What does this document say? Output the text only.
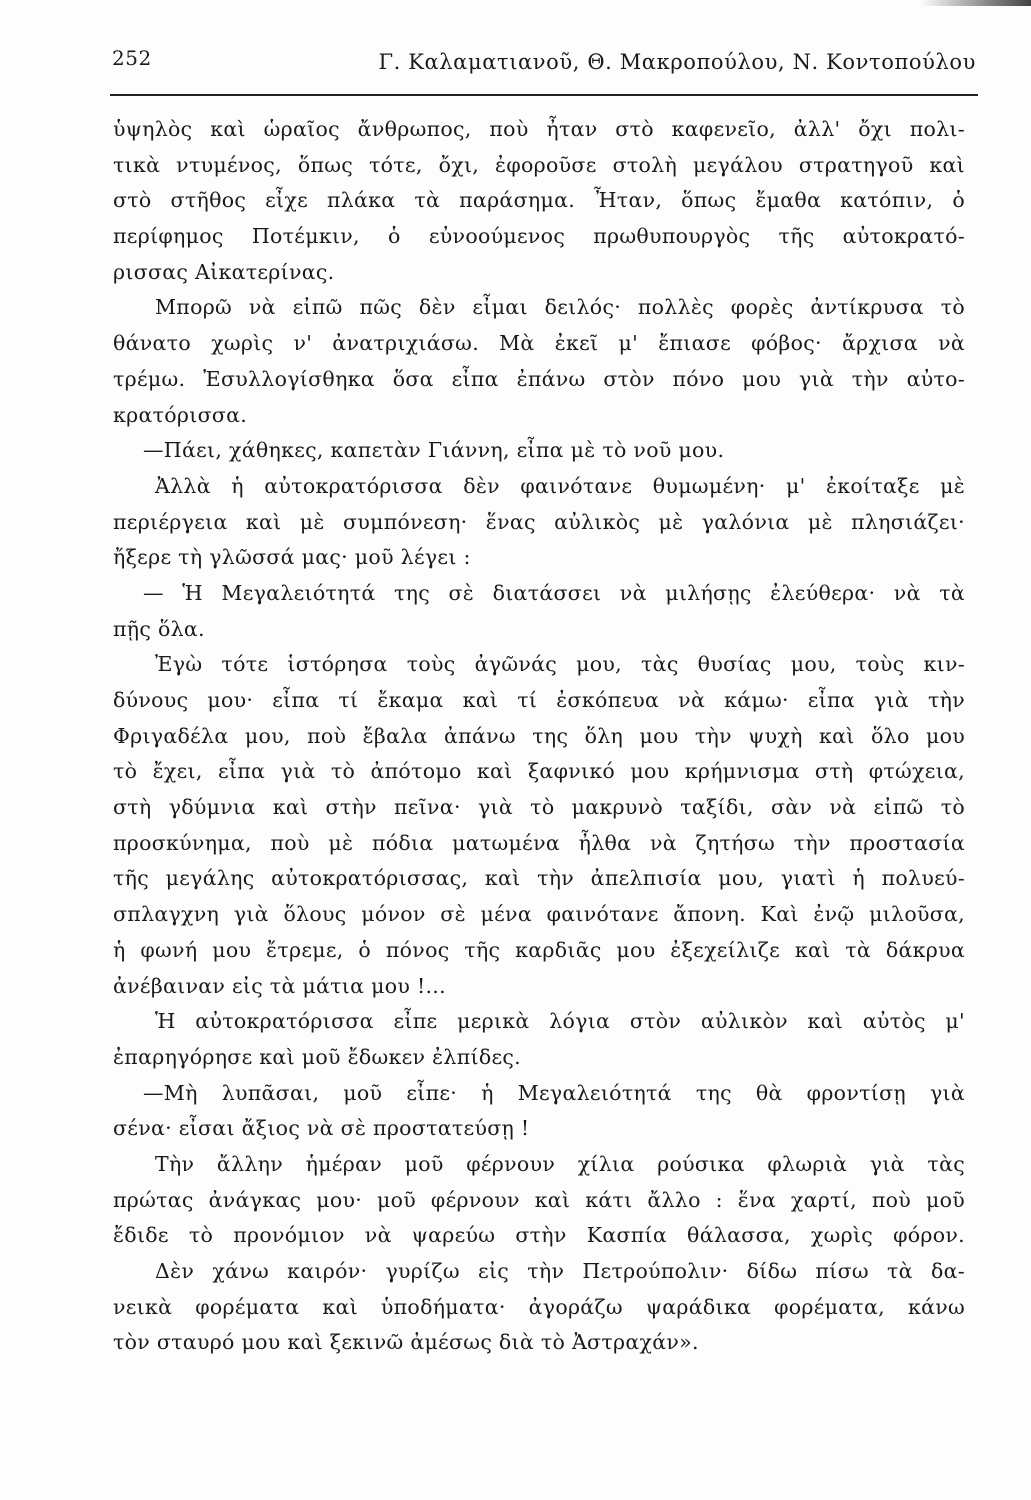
252	Γ. Καλαματιανοῦ, Θ. Μακροπούλου, Ν. Κοντοπούλου
ὑψηλὸς καὶ ὡραῖος ἄνθρωπος, ποὺ ἦταν στὸ καφενεῖο, ἀλλ' ὄχι πολι-
τικὰ ντυμένος, ὅπως τότε, ὄχι, ἐφοροῦσε στολὴ μεγάλου στρατηγοῦ καὶ
στὸ στῆθος εἶχε πλάκα τὰ παράσημα. Ἦταν, ὅπως ἔμαθα κατόπιν, ὁ
περίφημος Ποτέμκιν, ὁ εὐνοούμενος πρωθυπουργὸς τῆς αὐτοκρατό-
ρισσας Αἰκατερίνας.
Μπορῶ νὰ εἰπῶ πῶς δὲν εἶμαι δειλός· πολλὲς φορὲς ἀντίκρυσα τὸ
θάνατο χωρὶς ν' ἀνατριχιάσω. Μὰ ἐκεῖ μ' ἔπιασε φόβος· ἄρχισα νὰ
τρέμω. Ἐσυλλογίσθηκα ὅσα εἶπα ἐπάνω στὸν πόνο μου γιὰ τὴν αὐτο-
κρατόρισσα.
—Πάει, χάθηκες, καπετὰν Γιάννη, εἶπα μὲ τὸ νοῦ μου.
Ἀλλὰ ἡ αὐτοκρατόρισσα δὲν φαινότανε θυμωμένη· μ' ἐκοίταξε μὲ
περιέργεια καὶ μὲ συμπόνεση· ἕνας αὐλικὸς μὲ γαλόνια μὲ πλησιάζει·
ἤξερε τὴ γλῶσσά μας· μοῦ λέγει :
— Ἡ Μεγαλειότητά της σὲ διατάσσει νὰ μιλήσῃς ἐλεύθερα· νὰ τὰ
πῇς ὅλα.
Ἐγὼ τότε ἱστόρησα τοὺς ἀγῶνάς μου, τὰς θυσίας μου, τοὺς κιν-
δύνους μου· εἶπα τί ἔκαμα καὶ τί ἐσκόπευα νὰ κάμω· εἶπα γιὰ τὴν
Φριγαδέλα μου, ποὺ ἔβαλα ἀπάνω της ὅλη μου τὴν ψυχὴ καὶ ὅλο μου
τὸ ἔχει, εἶπα γιὰ τὸ ἀπότομο καὶ ξαφνικό μου κρήμνισμα στὴ φτώχεια,
στὴ γδύμνια καὶ στὴν πεῖνα· γιὰ τὸ μακρυνὸ ταξίδι, σὰν νὰ εἰπῶ τὸ
προσκύνημα, ποὺ μὲ πόδια ματωμένα ἦλθα νὰ ζητήσω τὴν προστασία
τῆς μεγάλης αὐτοκρατόρισσας, καὶ τὴν ἀπελπισία μου, γιατὶ ἡ πολυεύ-
σπλαγχνη γιὰ ὅλους μόνον σὲ μένα φαινότανε ἄπονη. Καὶ ἐνῷ μιλοῦσα,
ἡ φωνή μου ἔτρεμε, ὁ πόνος τῆς καρδιᾶς μου ἐξεχείλιζε καὶ τὰ δάκρυα
ἀνέβαιναν εἰς τὰ μάτια μου !...
Ἡ αὐτοκρατόρισσα εἶπε μερικὰ λόγια στὸν αὐλικὸν καὶ αὐτὸς μ'
ἐπαρηγόρησε καὶ μοῦ ἔδωκεν ἐλπίδες.
—Μὴ λυπᾶσαι, μοῦ εἶπε· ἡ Μεγαλειότητά της θὰ φροντίσῃ γιὰ
σένα· εἶσαι ἄξιος νὰ σὲ προστατεύσῃ !
Τὴν ἄλλην ἡμέραν μοῦ φέρνουν χίλια ρούσικα φλωριὰ γιὰ τὰς
πρώτας ἀνάγκας μου· μοῦ φέρνουν καὶ κάτι ἄλλο : ἕνα χαρτί, ποὺ μοῦ
ἔδιδε τὸ προνόμιον νὰ ψαρεύω στὴν Κασπία θάλασσα, χωρὶς φόρον.
Δὲν χάνω καιρόν· γυρίζω εἰς τὴν Πετρούπολιν· δίδω πίσω τὰ δα-
νεικὰ φορέματα καὶ ὑποδήματα· ἀγοράζω ψαράδικα φορέματα, κάνω
τὸν σταυρό μου καὶ ξεκινῶ ἀμέσως διὰ τὸ Ἀστραχάν».
